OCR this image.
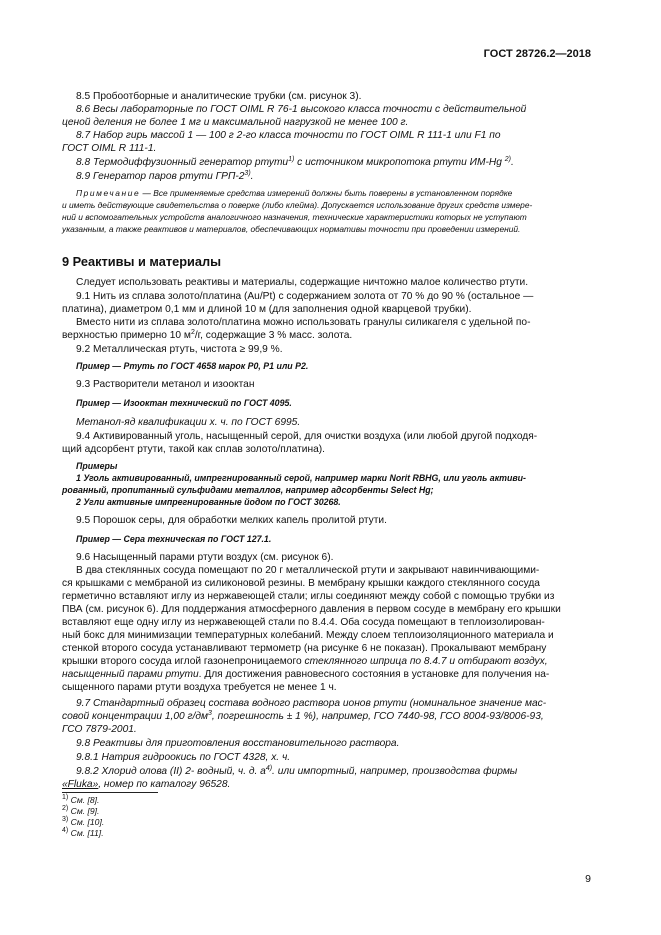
ГОСТ 28726.2—2018
8.5 Пробоотборные и аналитические трубки (см. рисунок 3).
8.6 Весы лабораторные по ГОСТ OIML R 76-1 высокого класса точности с действительной
ценой деления не более 1 мг и максимальной нагрузкой не менее 100 г.
8.7 Набор гирь массой 1 — 100 г 2-го класса точности по ГОСТ OIML R 111-1 или F1 по
ГОСТ OIML R 111-1.
8.8 Термодиффузионный генератор ртути$^{1)}$ с источником микропотока ртути ИМ-Hg $^{2)}$.
8.9 Генератор паров ртути ГРП-2$^{3)}$.
Примечание — Все применяемые средства измерений должны быть поверены в установленном порядке
и иметь действующие свидетельства о поверке (либо клейма). Допускается использование других средств измере-
ний и вспомогательных устройств аналогичного назначения, технические характеристики которых не уступают
указанным, а также реактивов и материалов, обеспечивающих нормативы точности при проведении измерений.
9 Реактивы и материалы
Следует использовать реактивы и материалы, содержащие ничтожно малое количество ртути.
9.1 Нить из сплава золото/платина (Au/Pt) с содержанием золота от 70 % до 90 % (остальное —
платина), диаметром 0,1 мм и длиной 10 м (для заполнения одной кварцевой трубки).
Вместо нити из сплава золото/платина можно использовать гранулы силикагеля с удельной по-
верхностью примерно 10 $м^2/г$, содержащие 3 % масс. золота.
9.2 Металлическая ртуть, чистота ≥ 99,9 %.
Пример — Ртуть по ГОСТ 4658 марок Р0, Р1 или Р2.
9.3 Растворители метанол и изооктан
Пример — Изооктан технический по ГОСТ 4095.
Метанол-яд квалификации х. ч. по ГОСТ 6995.
9.4 Активированный уголь, насыщенный серой, для очистки воздуха (или любой другой подходя-
щий адсорбент ртути, такой как сплав золото/платина).
Примеры
1 Уголь активированный, импрегнированный серой, например марки Norit RBHG, или уголь активи-
рованный, пропитанный сульфидами металлов, например адсорбенты Select Hg;
2 Угли активные импрегнированные йодом по ГОСТ 30268.
9.5 Порошок серы, для обработки мелких капель пролитой ртути.
Пример — Сера техническая по ГОСТ 127.1.
9.6 Насыщенный парами ртути воздух (см. рисунок 6).
В два стеклянных сосуда помещают по 20 г металлической ртути и закрывают навинчивающими-
ся крышками с мембраной из силиконовой резины. В мембрану крышки каждого стеклянного сосуда
герметично вставляют иглу из нержавеющей стали; иглы соединяют между собой с помощью трубки из
ПВА (см. рисунок 6). Для поддержания атмосферного давления в первом сосуде в мембрану его крышки
вставляют еще одну иглу из нержавеющей стали по 8.4.4. Оба сосуда помещают в теплоизолирован-
ный бокс для минимизации температурных колебаний. Между слоем теплоизоляционного материала и
стенкой второго сосуда устанавливают термометр (на рисунке 6 не показан). Прокалывают мембрану
крышки второго сосуда иглой газонепроницаемого стеклянного шприца по 8.4.7 и отбирают воздух,
насыщенный парами ртути. Для достижения равновесного состояния в установке для получения на-
сыщенного парами ртути воздуха требуется не менее 1 ч.
9.7 Стандартный образец состава водного раствора ионов ртути (номинальное значение мас-
совой концентрации 1,00 $г/дм^3$, погрешность ± 1 %), например, ГСО 7440-98, ГСО 8004-93/8006-93,
ГСО 7879-2001.
9.8 Реактивы для приготовления восстановительного раствора.
9.8.1 Натрия гидроокись по ГОСТ 4328, х. ч.
9.8.2 Хлорид олова (II) 2- водный, ч. д. $а^{4)}$. или импортный, например, производства фирмы
«Fluka», номер по каталогу 96528.
$^{1)}$ См. [8].
$^{2)}$ См. [9].
$^{3)}$ См. [10].
$^{4)}$ См. [11].
9
